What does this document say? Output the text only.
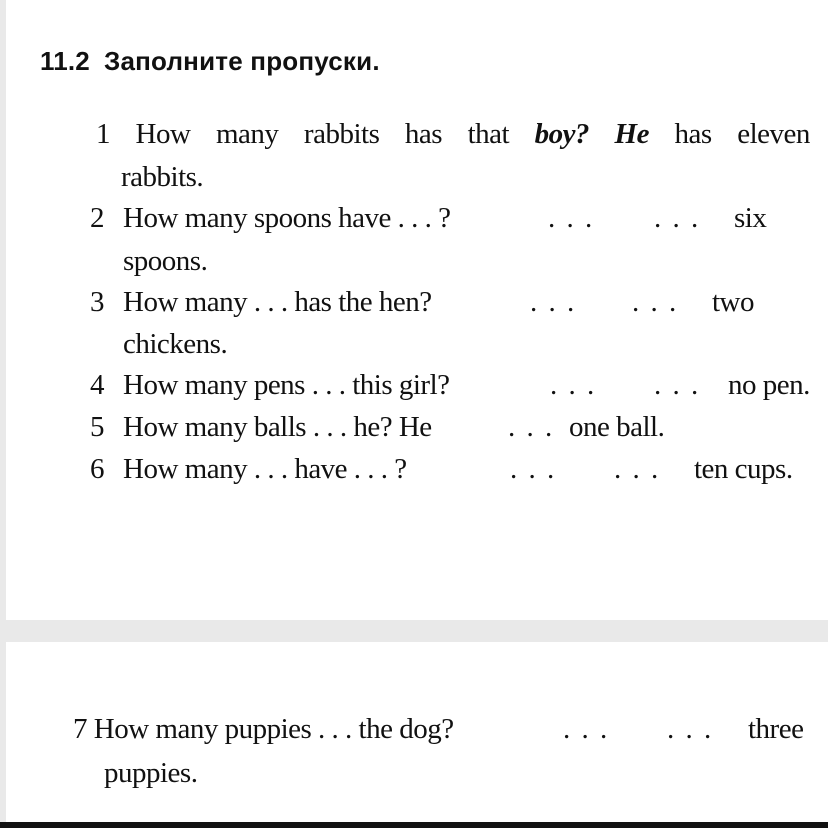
11.2 Заполните пропуски.
1 How many rabbits has that boy? He has eleven
rabbits.
2 How many spoons have . . . ?	. . . . . . six
spoons.
3 How many . . . has the hen?	. . . . . . two
chickens.
4 How many pens . . . this girl?	. . . . . . no pen.
5 How many balls . . . he? He	. . . one ball.
6 How many . . . have . . . ?	. . . . . . ten cups.
7 How many puppies . . . the dog?	. . . . . . three
puppies.
